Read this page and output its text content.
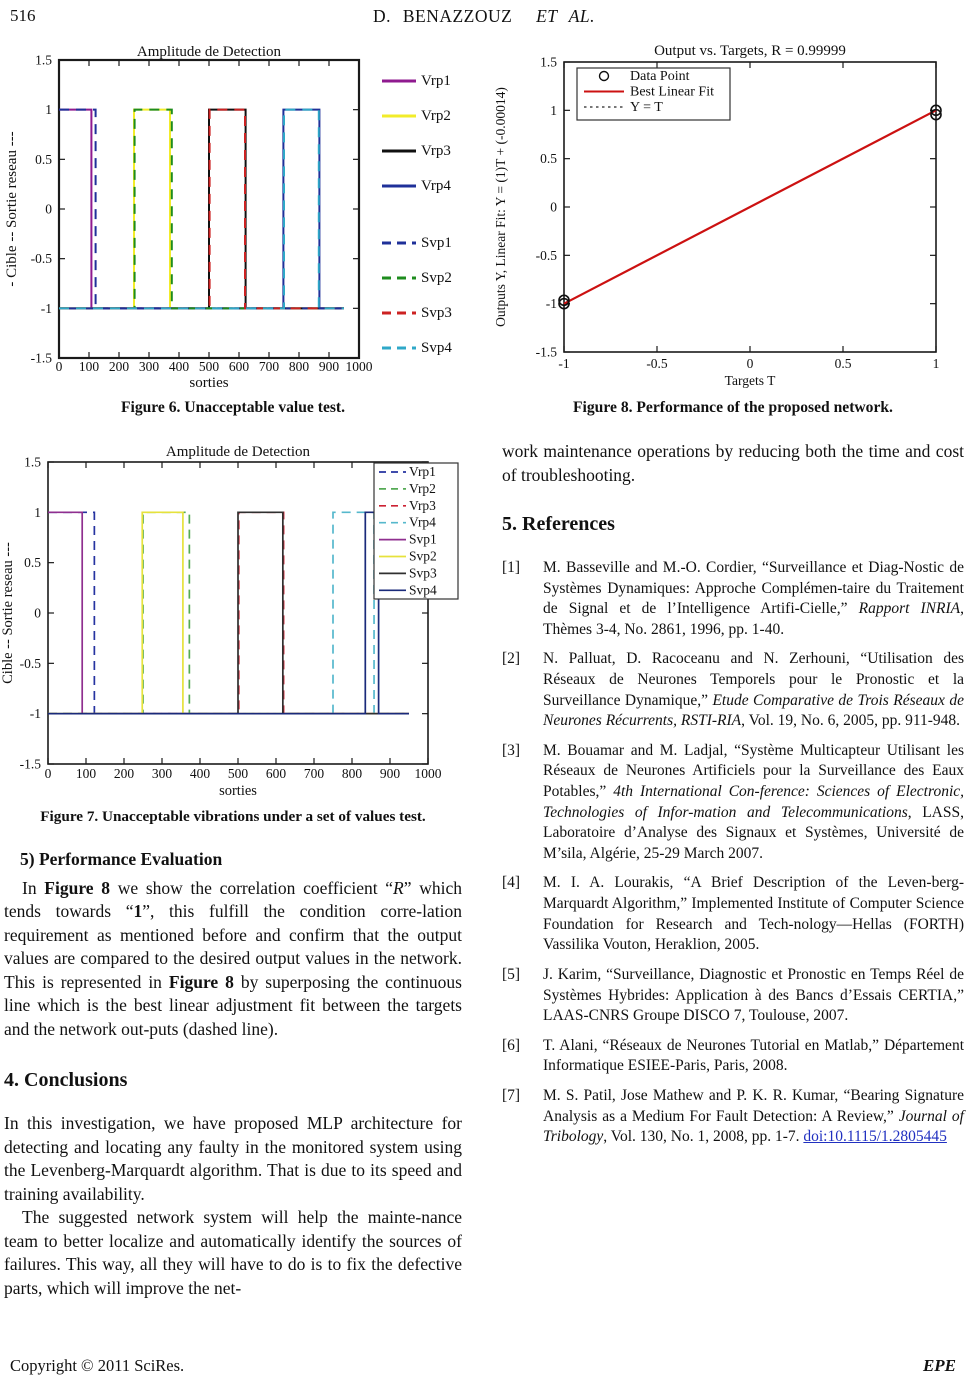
516	D. BENAZZOUZ ET AL.
0 100 200 300 400 500 600 700 800 900 1000
-1.5
-1
-0.5
0
0.5
1
1.5	Amplitude de Detection
sorties
- Cible -- Sortie reseau ---
Vrp1
Vrp2
Vrp3
Vrp4
Svp1
Svp2
Svp3
Svp4
Figure 6. Unacceptable value test.
-1	-0.5	0	0.5	1
-1.5
-1
-0.5
0
0.5
1
1.5
Output vs. Targets, R = 0.99999
Targets T
Outputs Y, Linear Fit: Y = (1)T + (-0.00014)
Data Point
Best Linear Fit
Y = T
Figure 8. Performance of the proposed network.
0 100 200 300 400 500 600 700 800 900 1000
-1.5
-1
-0.5
0
0.5
1
1.5
Amplitude de Detection
sorties
Cible -- Sortie reseau ---
Vrp1
Vrp2
Vrp3
Vrp4
Svp1
Svp2
Svp3
Svp4
Figure 7. Unacceptable vibrations under a set of values test.
5) Performance Evaluation

In Figure 8 we show the correlation coefficient “R” which tends towards “1”, this fulfill the condition corre-lation requirement as mentioned before and confirm that the output values are compared to the desired output values in the network. This is represented in Figure 8 by superposing the continuous line which is the best linear adjustment fit between the targets and the network out-puts (dashed line).

4. Conclusions

In this investigation, we have proposed MLP architecture for detecting and locating any faulty in the monitored system using the Levenberg-Marquardt algorithm. That is due to its speed and training availability.

The suggested network system will help the mainte-nance team to better localize and automatically identify the sources of failures. This way, all they will have to do is to fix the defective parts, which will improve the net-

work maintenance operations by reducing both the time and cost of troubleshooting.

5. References
[1] M. Basseville and M.-O. Cordier, “Surveillance et Diag-Nostic de Systèmes Dynamiques: Approche Complémen-taire du Traitement de Signal et de l’Intelligence Artifi-Cielle,” Rapport INRIA, Thèmes 3-4, No. 2861, 1996, pp. 1-40.
[2] N. Palluat, D. Racoceanu and N. Zerhouni, “Utilisation des Réseaux de Neurones Temporels pour le Pronostic et la Surveillance Dynamique,” Etude Comparative de Trois Réseaux de Neurones Récurrents, RSTI-RIA, Vol. 19, No. 6, 2005, pp. 911-948.
[3] M. Bouamar and M. Ladjal, “Système Multicapteur Utilisant les Réseaux de Neurones Artificiels pour la Surveillance des Eaux Potables,” 4th International Con-ference: Sciences of Electronic, Technologies of Infor-mation and Telecommunications, LASS, Laboratoire d’Analyse des Signaux et Systèmes, Université de M’sila, Algérie, 25-29 March 2007.
[4] M. I. A. Lourakis, “A Brief Description of the Leven-berg-Marquardt Algorithm,” Implemented Institute of Computer Science Foundation for Research and Tech-nology—Hellas (FORTH) Vassilika Vouton, Heraklion, 2005.
[5] J. Karim, “Surveillance, Diagnostic et Pronostic en Temps Réel de Systèmes Hybrides: Application à des Bancs d’Essais CERTIA,” LAAS-CNRS Groupe DISCO 7, Toulouse, 2007.
[6] T. Alani, “Réseaux de Neurones Tutorial en Matlab,” Département Informatique ESIEE-Paris, Paris, 2008.
[7] M. S. Patil, Jose Mathew and P. K. R. Kumar, “Bearing Signature Analysis as a Medium For Fault Detection: A Review,” Journal of Tribology, Vol. 130, No. 1, 2008, pp. 1-7. doi:10.1115/1.2805445
Copyright © 2011 SciRes.	EPE
